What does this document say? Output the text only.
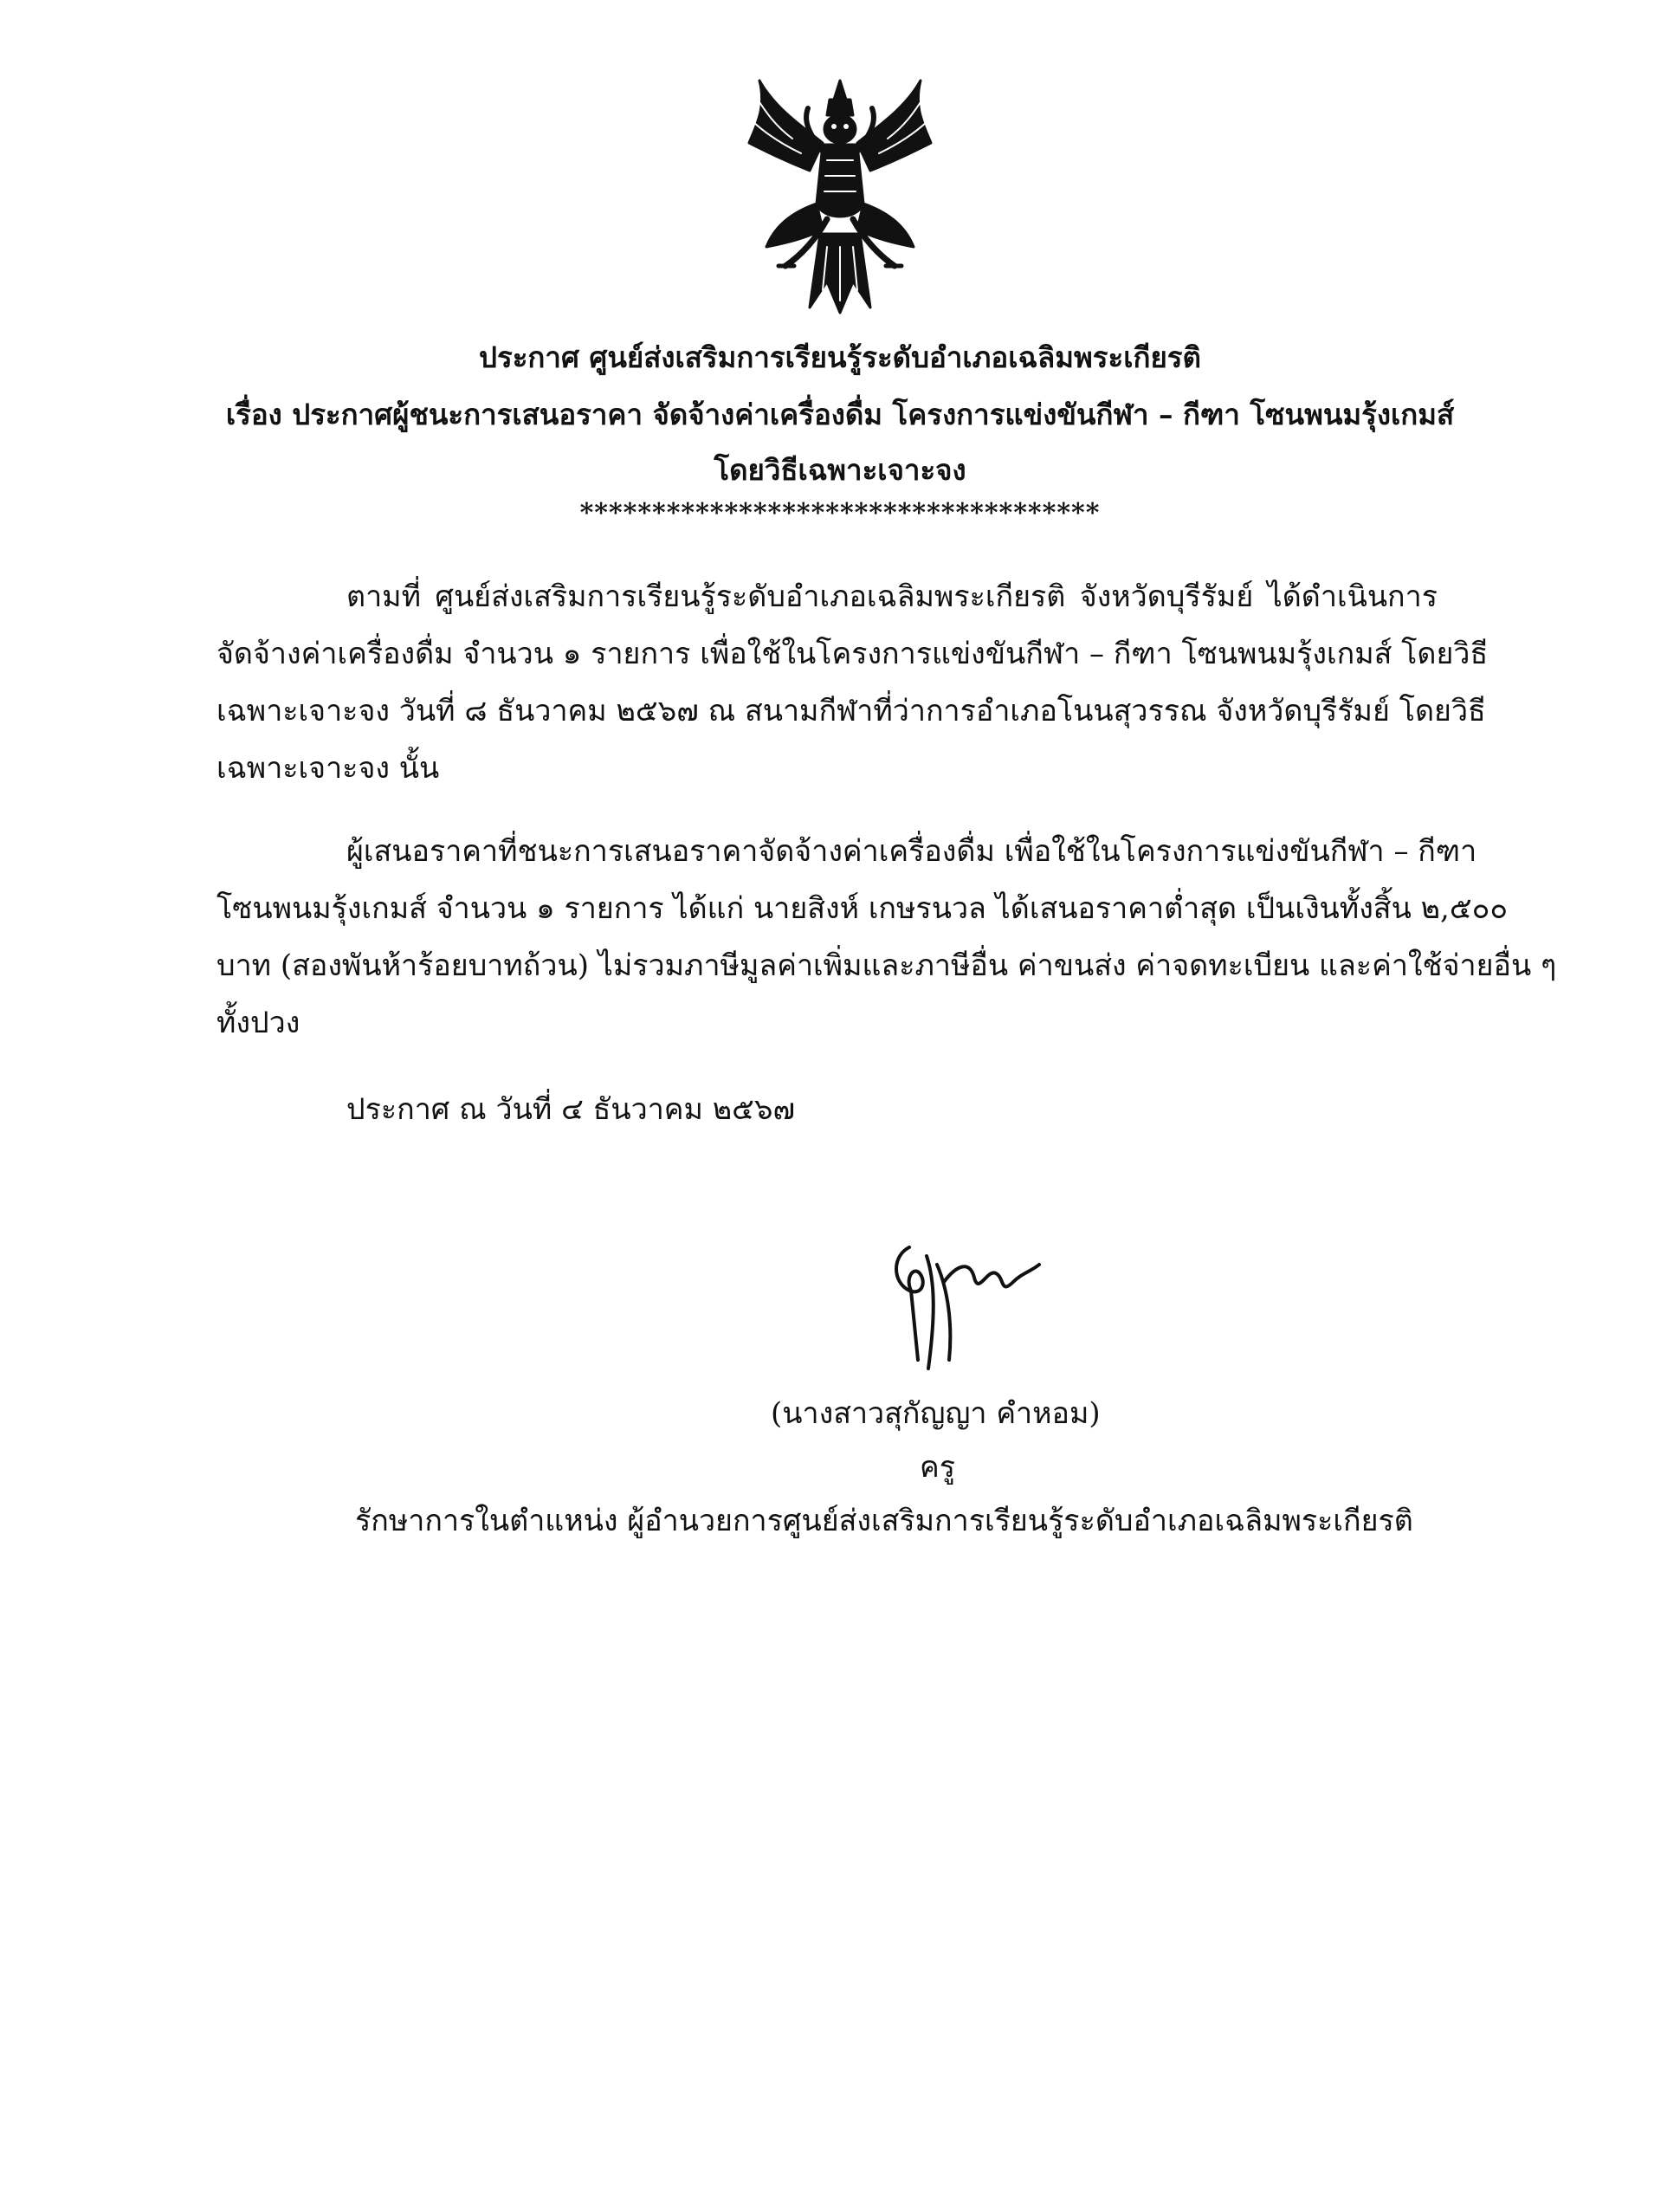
ประกาศ ศูนย์ส่งเสริมการเรียนรู้ระดับอำเภอเฉลิมพระเกียรติ
เรื่อง ประกาศผู้ชนะการเสนอราคา จัดจ้างค่าเครื่องดื่ม โครงการแข่งขันกีฬา – กีฑา โซนพนมรุ้งเกมส์
โดยวิธีเฉพาะเจาะจง
************************************
ตามที่ ศูนย์ส่งเสริมการเรียนรู้ระดับอำเภอเฉลิมพระเกียรติ จังหวัดบุรีรัมย์ ได้ดำเนินการ
จัดจ้างค่าเครื่องดื่ม จำนวน ๑ รายการ เพื่อใช้ในโครงการแข่งขันกีฬา – กีฑา โซนพนมรุ้งเกมส์ โดยวิธี
เฉพาะเจาะจง วันที่ ๘ ธันวาคม ๒๕๖๗ ณ สนามกีฬาที่ว่าการอำเภอโนนสุวรรณ จังหวัดบุรีรัมย์ โดยวิธี
เฉพาะเจาะจง นั้น
ผู้เสนอราคาที่ชนะการเสนอราคาจัดจ้างค่าเครื่องดื่ม เพื่อใช้ในโครงการแข่งขันกีฬา – กีฑา
โซนพนมรุ้งเกมส์ จำนวน ๑ รายการ ได้แก่ นายสิงห์ เกษรนวล ได้เสนอราคาต่ำสุด เป็นเงินทั้งสิ้น ๒,๕๐๐
บาท (สองพันห้าร้อยบาทถ้วน) ไม่รวมภาษีมูลค่าเพิ่มและภาษีอื่น ค่าขนส่ง ค่าจดทะเบียน และค่าใช้จ่ายอื่น ๆ
ทั้งปวง
ประกาศ ณ วันที่ ๔ ธันวาคม ๒๕๖๗
(นางสาวสุกัญญา คำหอม)
ครู
รักษาการในตำแหน่ง ผู้อำนวยการศูนย์ส่งเสริมการเรียนรู้ระดับอำเภอเฉลิมพระเกียรติ
